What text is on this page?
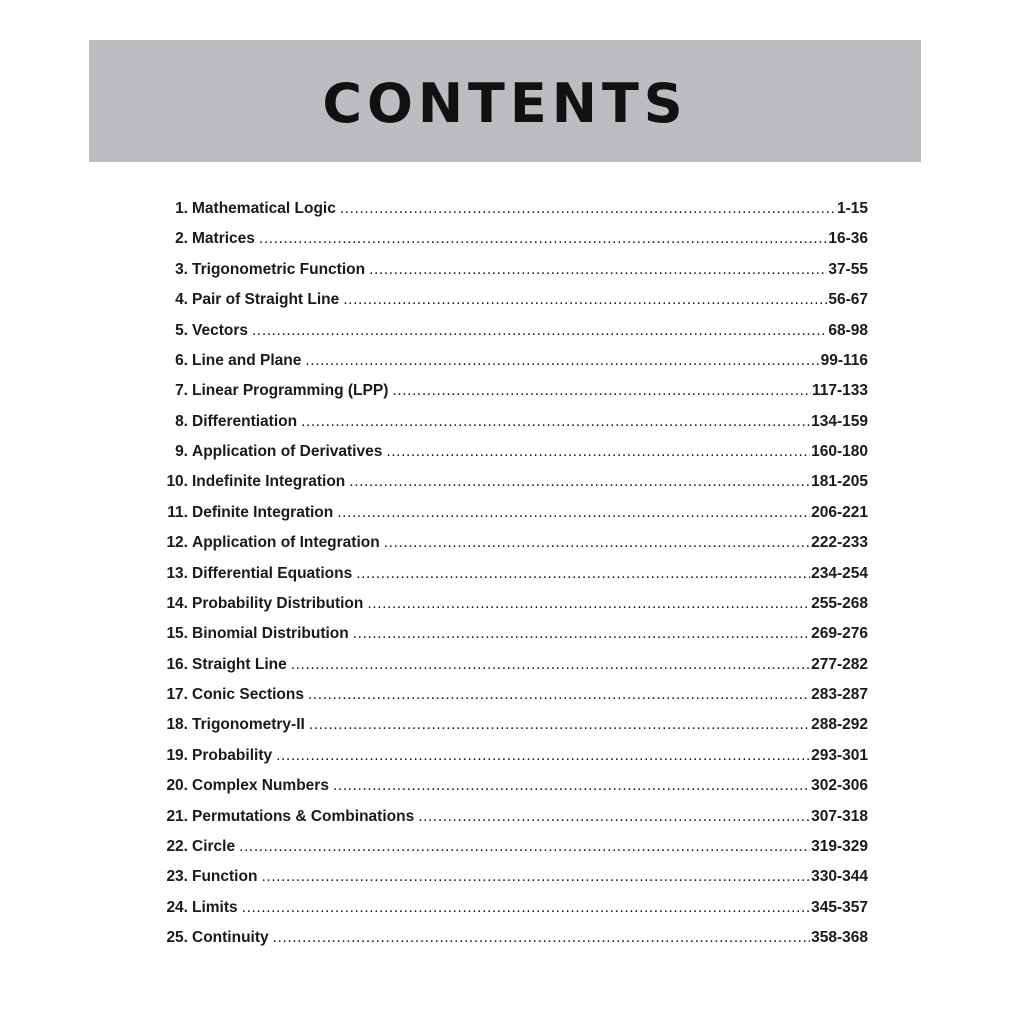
CONTENTS
1. Mathematical Logic .....	1-15
2. Matrices .....	16-36
3. Trigonometric Function .....	37-55
4. Pair of Straight Line .....	56-67
5. Vectors .....	68-98
6. Line and Plane .....	99-116
7. Linear Programming (LPP) .....	117-133
8. Differentiation .....	134-159
9. Application of Derivatives .....	160-180
10. Indefinite Integration .....	181-205
11. Definite Integration .....	206-221
12. Application of Integration .....	222-233
13. Differential Equations .....	234-254
14. Probability Distribution .....	255-268
15. Binomial Distribution .....	269-276
16. Straight Line .....	277-282
17. Conic Sections .....	283-287
18. Trigonometry-II .....	288-292
19. Probability .....	293-301
20. Complex Numbers .....	302-306
21. Permutations & Combinations .....	307-318
22. Circle .....	319-329
23. Function .....	330-344
24. Limits .....	345-357
25. Continuity .....	358-368
